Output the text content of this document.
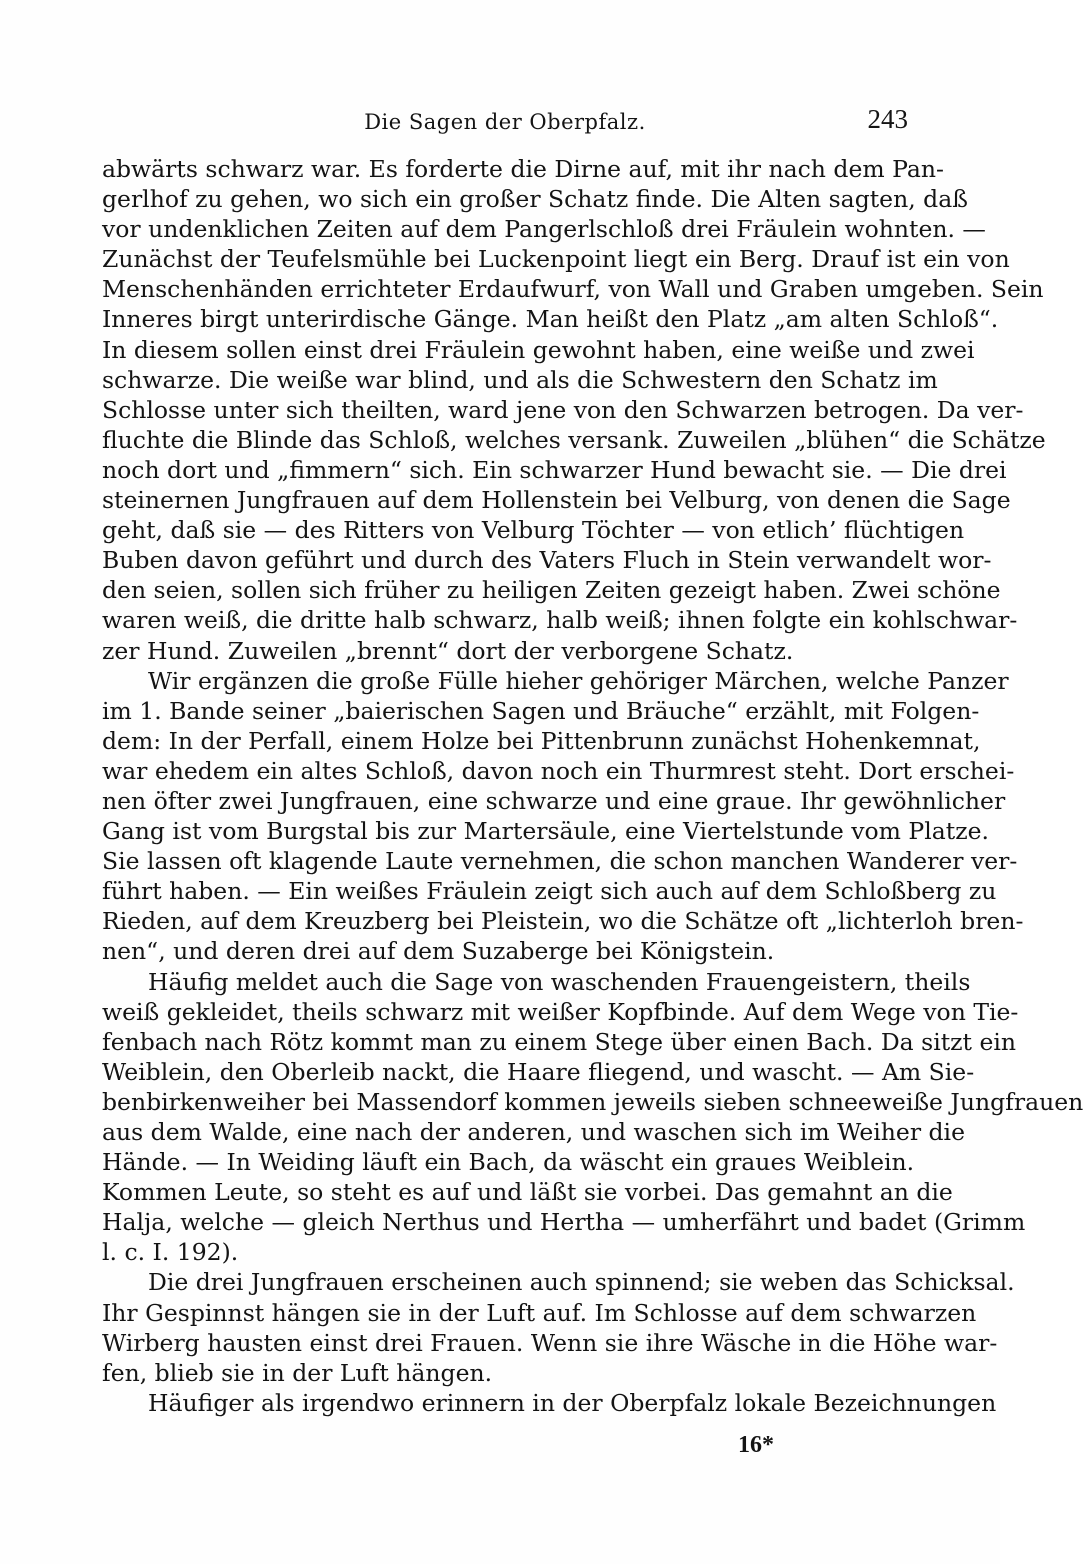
Die Sagen der Oberpfalz.	243
abwärts schwarz war. Es forderte die Dirne auf, mit ihr nach dem Pan-
gerlhof zu gehen, wo sich ein großer Schatz finde. Die Alten sagten, daß
vor undenklichen Zeiten auf dem Pangerlschloß drei Fräulein wohnten. —
Zunächst der Teufelsmühle bei Luckenpoint liegt ein Berg. Drauf ist ein von
Menschenhänden errichteter Erdaufwurf, von Wall und Graben umgeben. Sein
Inneres birgt unterirdische Gänge. Man heißt den Platz „am alten Schloß“.
In diesem sollen einst drei Fräulein gewohnt haben, eine weiße und zwei
schwarze. Die weiße war blind, und als die Schwestern den Schatz im
Schlosse unter sich theilten, ward jene von den Schwarzen betrogen. Da ver-
fluchte die Blinde das Schloß, welches versank. Zuweilen „blühen“ die Schätze
noch dort und „fimmern“ sich. Ein schwarzer Hund bewacht sie. — Die drei
steinernen Jungfrauen auf dem Hollenstein bei Velburg, von denen die Sage
geht, daß sie — des Ritters von Velburg Töchter — von etlich’ flüchtigen
Buben davon geführt und durch des Vaters Fluch in Stein verwandelt wor-
den seien, sollen sich früher zu heiligen Zeiten gezeigt haben. Zwei schöne
waren weiß, die dritte halb schwarz, halb weiß; ihnen folgte ein kohlschwar-
zer Hund. Zuweilen „brennt“ dort der verborgene Schatz.
Wir ergänzen die große Fülle hieher gehöriger Märchen, welche Panzer
im 1. Bande seiner „baierischen Sagen und Bräuche“ erzählt, mit Folgen-
dem: In der Perfall, einem Holze bei Pittenbrunn zunächst Hohenkemnat,
war ehedem ein altes Schloß, davon noch ein Thurmrest steht. Dort erschei-
nen öfter zwei Jungfrauen, eine schwarze und eine graue. Ihr gewöhnlicher
Gang ist vom Burgstal bis zur Martersäule, eine Viertelstunde vom Platze.
Sie lassen oft klagende Laute vernehmen, die schon manchen Wanderer ver-
führt haben. — Ein weißes Fräulein zeigt sich auch auf dem Schloßberg zu
Rieden, auf dem Kreuzberg bei Pleistein, wo die Schätze oft „lichterloh bren-
nen“, und deren drei auf dem Suzaberge bei Königstein.
Häufig meldet auch die Sage von waschenden Frauengeistern, theils
weiß gekleidet, theils schwarz mit weißer Kopfbinde. Auf dem Wege von Tie-
fenbach nach Rötz kommt man zu einem Stege über einen Bach. Da sitzt ein
Weiblein, den Oberleib nackt, die Haare fliegend, und wascht. — Am Sie-
benbirkenweiher bei Massendorf kommen jeweils sieben schneeweiße Jungfrauen
aus dem Walde, eine nach der anderen, und waschen sich im Weiher die
Hände. — In Weiding läuft ein Bach, da wäscht ein graues Weiblein.
Kommen Leute, so steht es auf und läßt sie vorbei. Das gemahnt an die
Halja, welche — gleich Nerthus und Hertha — umherfährt und badet (Grimm
l. c. I. 192).
Die drei Jungfrauen erscheinen auch spinnend; sie weben das Schicksal.
Ihr Gespinnst hängen sie in der Luft auf. Im Schlosse auf dem schwarzen
Wirberg hausten einst drei Frauen. Wenn sie ihre Wäsche in die Höhe war-
fen, blieb sie in der Luft hängen.
Häufiger als irgendwo erinnern in der Oberpfalz lokale Bezeichnungen
16*
